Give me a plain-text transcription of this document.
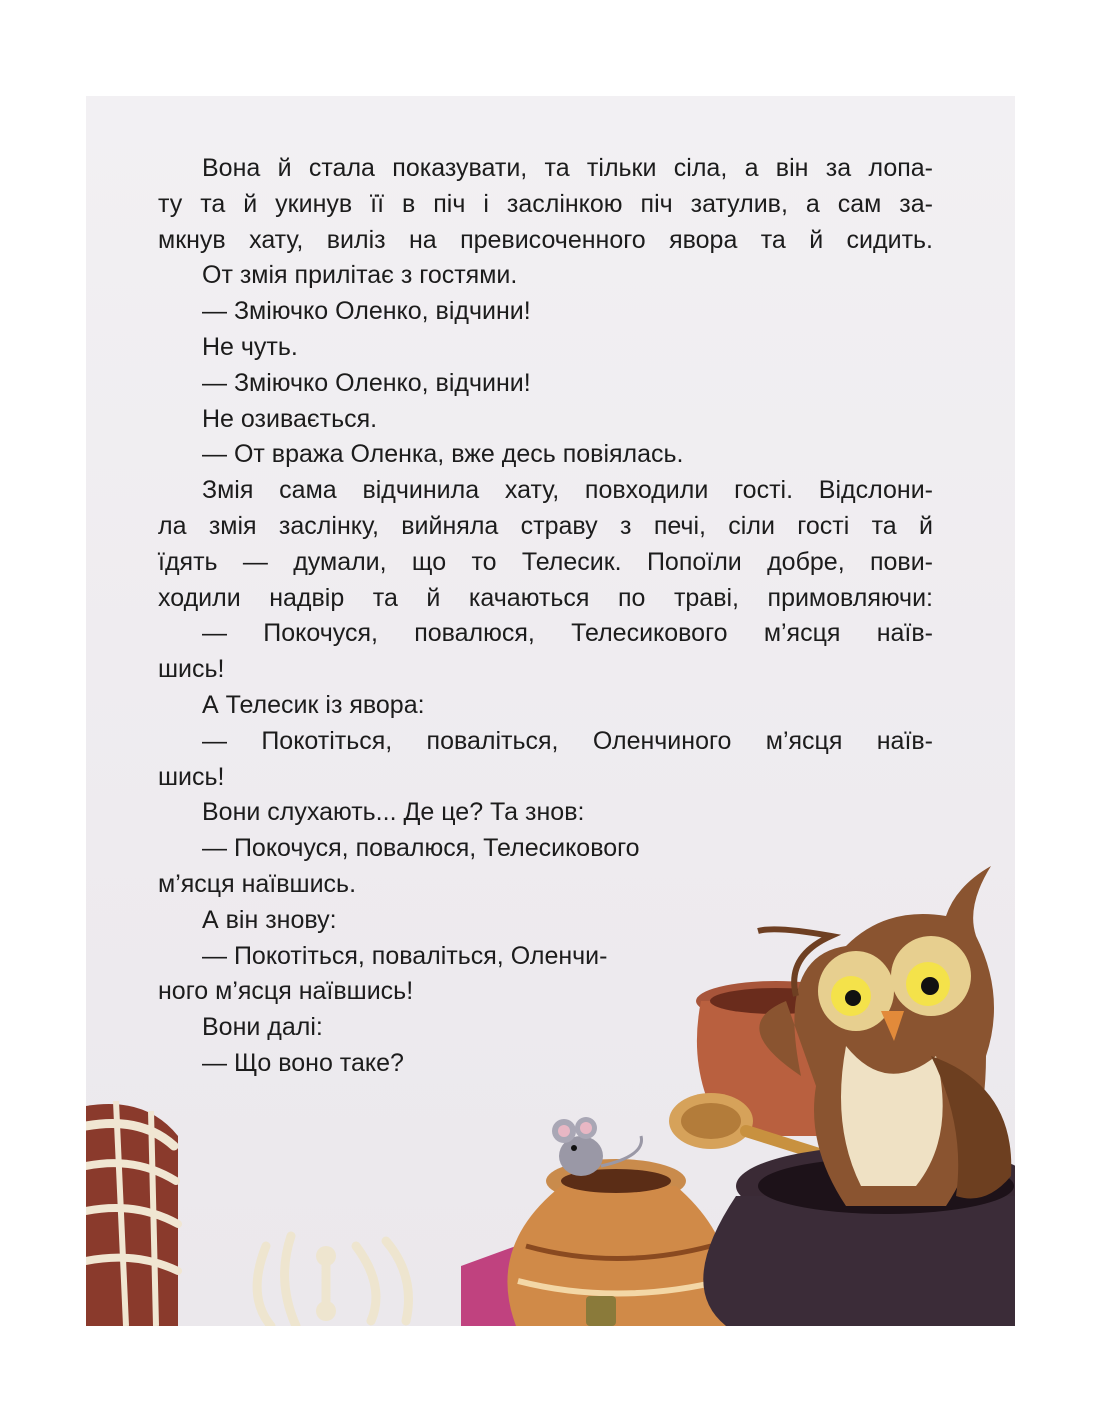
Вона й стала показувати, та тільки сіла, а він за лопа-
ту та й укинув її в піч і заслінкою піч затулив, а сам за-
мкнув хату, виліз на превисоченного явора та й сидить.
От змія прилітає з гостями.
— Змiючко Оленко, вiдчини!
Не чуть.
— Змiючко Оленко, вiдчини!
Не озивається.
— От вража Оленка, вже десь повiялась.
Змiя сама вiдчинила хату, повходили гостi. Вiдслони-
ла змія заслінку, вийняла страву з печі, сіли гості та й
їдять — думали, що то Телесик. Попоїли добре, пови-
ходили надвiр та й качаються по травi, примовляючи:
— Покочуся, повалюся, Телесикового м’ясця наїв-
шись!
А Телесик iз явора:
— Покотiться, повалiться, Оленчиного м’ясця наїв-
шись!
Вони слухають... Де це? Та знов:
— Покочуся, повалюся, Телесикового
м’ясця наївшись.
А вiн знову:
— Покотiться, повалiться, Оленчи-
ного м’ясця наївшись!
Вони далi:
— Що воно таке?
